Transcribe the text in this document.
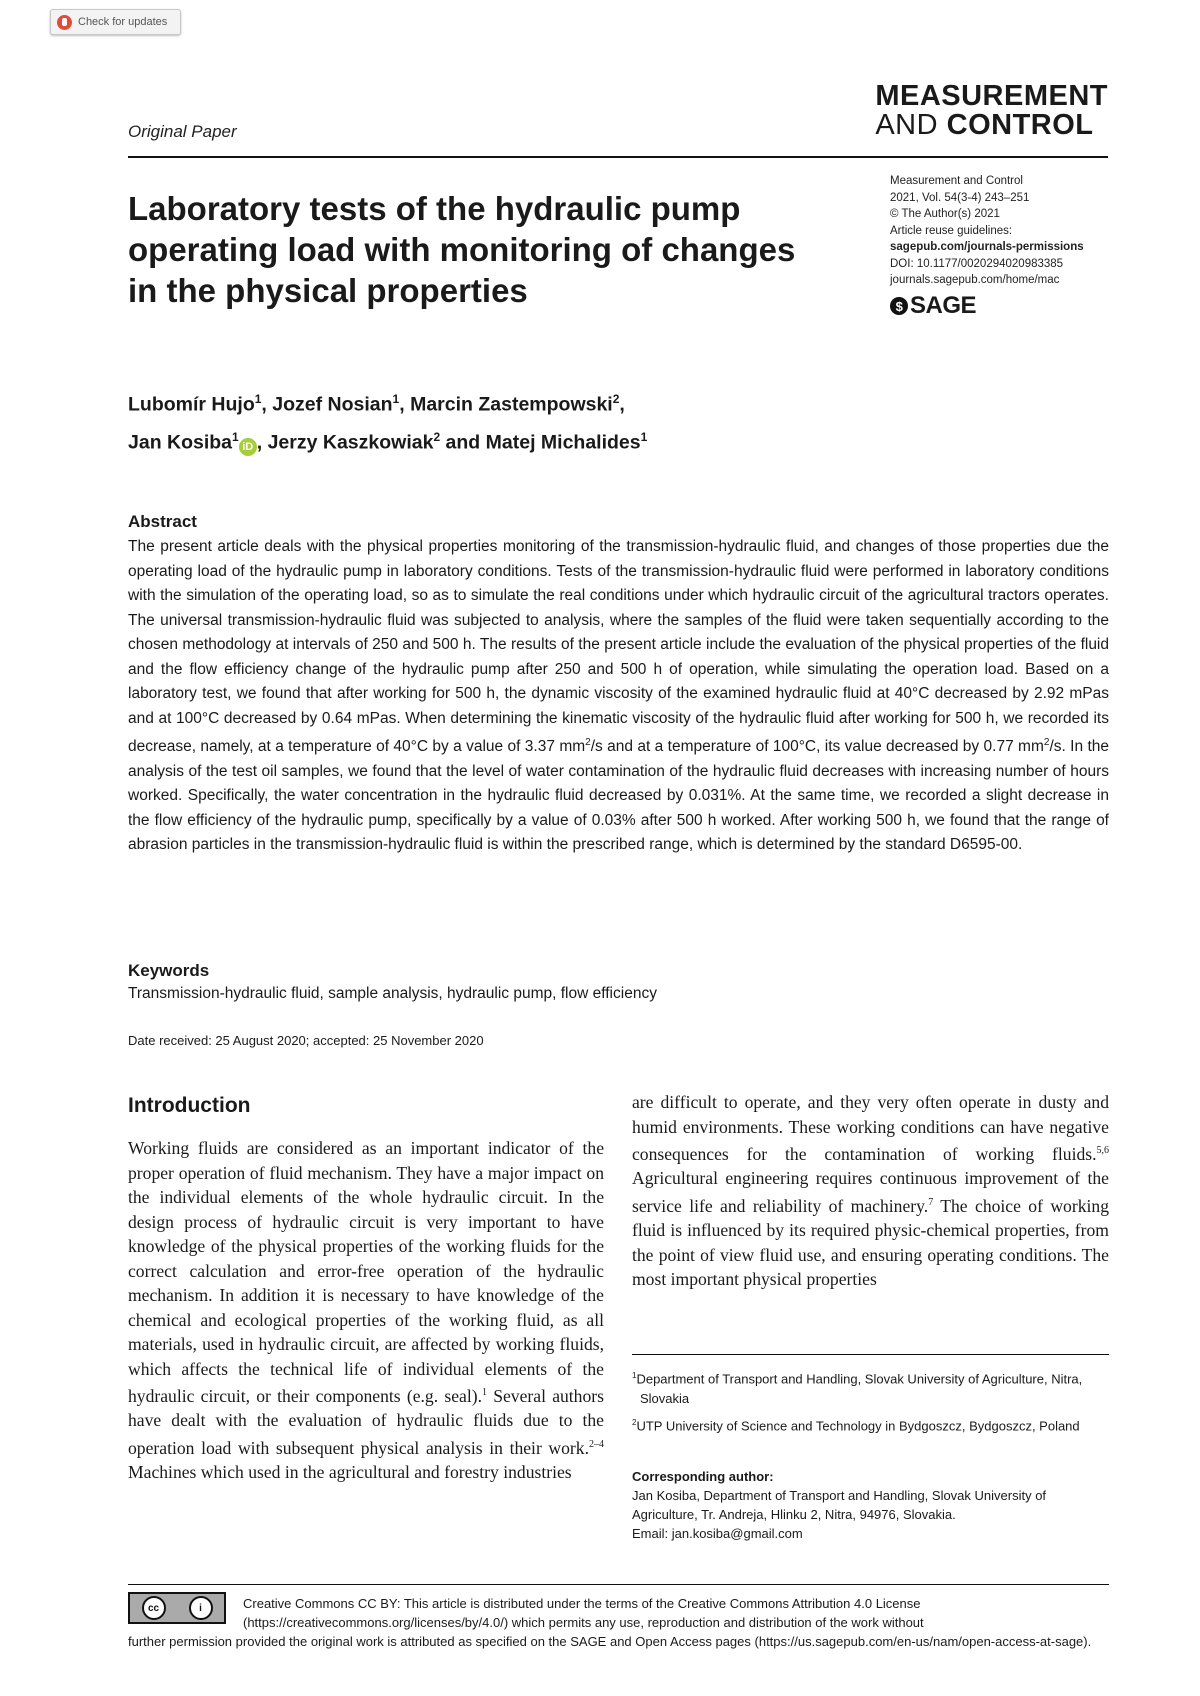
Check for updates
MEASUREMENT
AND CONTROL
Original Paper
Laboratory tests of the hydraulic pump operating load with monitoring of changes in the physical properties
Measurement and Control
2021, Vol. 54(3-4) 243–251
© The Author(s) 2021
Article reuse guidelines:
sagepub.com/journals-permissions
DOI: 10.1177/0020294020983385
journals.sagepub.com/home/mac
$ SAGE
Lubomír Hujo$^1$, Jozef Nosian$^1$, Marcin Zastempowski$^2$,
Jan Kosiba$^1$iD , Jerzy Kaszkowiak$^2$ and Matej Michalides$^1$
Abstract
The present article deals with the physical properties monitoring of the transmission-hydraulic fluid, and changes of those properties due the operating load of the hydraulic pump in laboratory conditions. Tests of the transmission-hydraulic fluid were performed in laboratory conditions with the simulation of the operating load, so as to simulate the real conditions under which hydraulic circuit of the agricultural tractors operates. The universal transmission-hydraulic fluid was subjected to analysis, where the samples of the fluid were taken sequentially according to the chosen methodology at intervals of 250 and 500 h. The results of the present article include the evaluation of the physical properties of the fluid and the flow efficiency change of the hydraulic pump after 250 and 500 h of operation, while simulating the operation load. Based on a laboratory test, we found that after working for 500 h, the dynamic viscosity of the examined hydraulic fluid at 40°C decreased by 2.92 mPas and at 100°C decreased by 0.64 mPas. When determining the kinematic viscosity of the hydraulic fluid after working for 500 h, we recorded its decrease, namely, at a temperature of 40°C by a value of 3.37 $mm^2/s$ and at a temperature of 100°C, its value decreased by 0.77 $mm^2/s$. In the analysis of the test oil samples, we found that the level of water contamination of the hydraulic fluid decreases with increasing number of hours worked. Specifically, the water concentration in the hydraulic fluid decreased by 0.031%. At the same time, we recorded a slight decrease in the flow efficiency of the hydraulic pump, specifically by a value of 0.03% after 500 h worked. After working 500 h, we found that the range of abrasion particles in the transmission-hydraulic fluid is within the prescribed range, which is determined by the standard D6595-00.
Keywords
Transmission-hydraulic fluid, sample analysis, hydraulic pump, flow efficiency
Date received: 25 August 2020; accepted: 25 November 2020
Introduction
Working fluids are considered as an important indicator of the proper operation of fluid mechanism. They have a major impact on the individual elements of the whole hydraulic circuit. In the design process of hydraulic circuit is very important to have knowledge of the physical properties of the working fluids for the correct calculation and error-free operation of the hydraulic mechanism. In addition it is necessary to have knowledge of the chemical and ecological properties of the working fluid, as all materials, used in hydraulic circuit, are affected by working fluids, which affects the technical life of individual elements of the hydraulic circuit, or their components (e.g. seal).$^1$ Several authors have dealt with the evaluation of hydraulic fluids due to the operation load with subsequent physical analysis in their work.$^{2-4}$ Machines which used in the agricultural and forestry industries
are difficult to operate, and they very often operate in dusty and humid environments. These working conditions can have negative consequences for the contamination of working fluids.$^{5,6}$ Agricultural engineering requires continuous improvement of the service life and reliability of machinery.$^7$ The choice of working fluid is influenced by its required physic-chemical properties, from the point of view fluid use, and ensuring operating conditions. The most important physical properties
$^1$Department of Transport and Handling, Slovak University of Agriculture, Nitra, Slovakia
$^2$UTP University of Science and Technology in Bydgoszcz, Bydgoszcz, Poland
Corresponding author:
Jan Kosiba, Department of Transport and Handling, Slovak University of Agriculture, Tr. Andreja, Hlinku 2, Nitra, 94976, Slovakia.
Email: jan.kosiba@gmail.com
cc	i	Creative Commons CC BY: This article is distributed under the terms of the Creative Commons Attribution 4.0 License (https://creativecommons.org/licenses/by/4.0/) which permits any use, reproduction and distribution of the work without
further permission provided the original work is attributed as specified on the SAGE and Open Access pages (https://us.sagepub.com/en-us/nam/open-access-at-sage).
